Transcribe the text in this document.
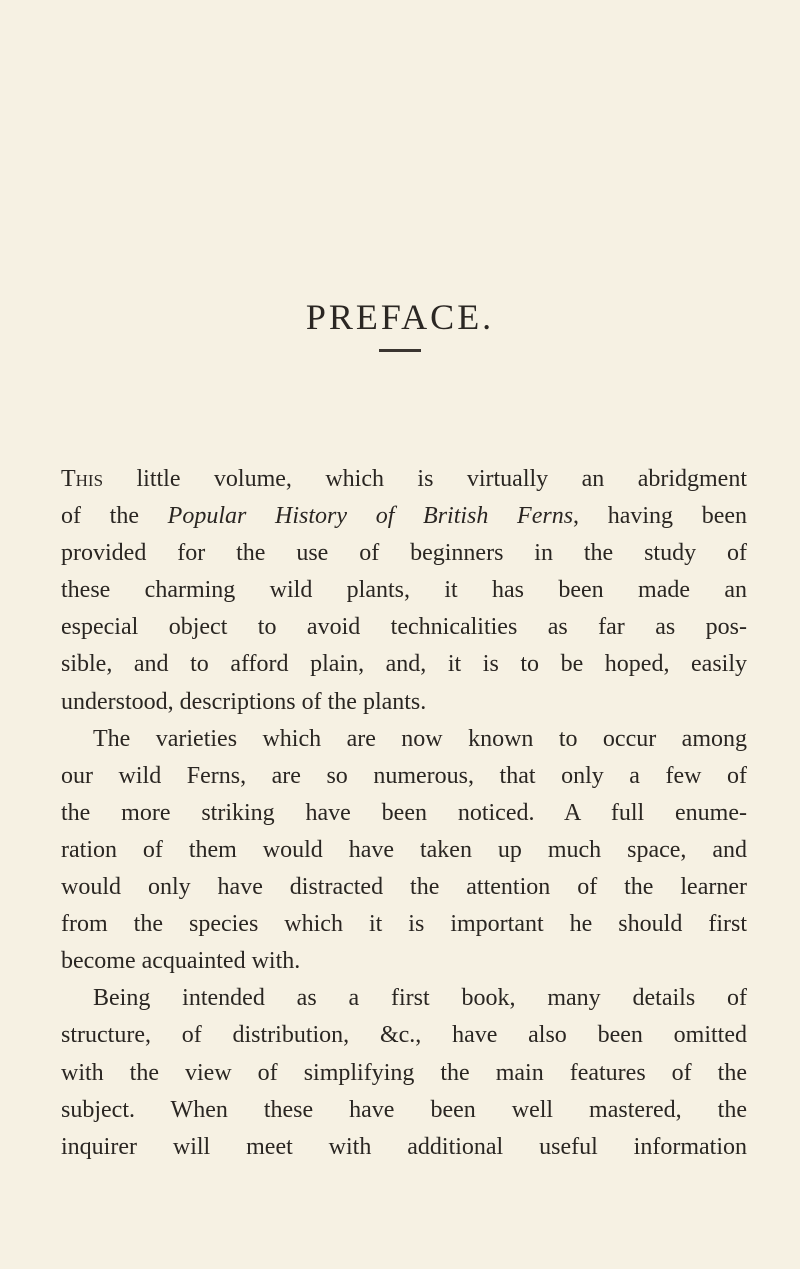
PREFACE.
This little volume, which is virtually an abridgment
of the Popular History of British Ferns, having been
provided for the use of beginners in the study of
these charming wild plants, it has been made an
especial object to avoid technicalities as far as pos-
sible, and to afford plain, and, it is to be hoped, easily
understood, descriptions of the plants.
The varieties which are now known to occur among
our wild Ferns, are so numerous, that only a few of
the more striking have been noticed. A full enume-
ration of them would have taken up much space, and
would only have distracted the attention of the learner
from the species which it is important he should first
become acquainted with.
Being intended as a first book, many details of
structure, of distribution, &c., have also been omitted
with the view of simplifying the main features of the
subject. When these have been well mastered, the
inquirer will meet with additional useful information
